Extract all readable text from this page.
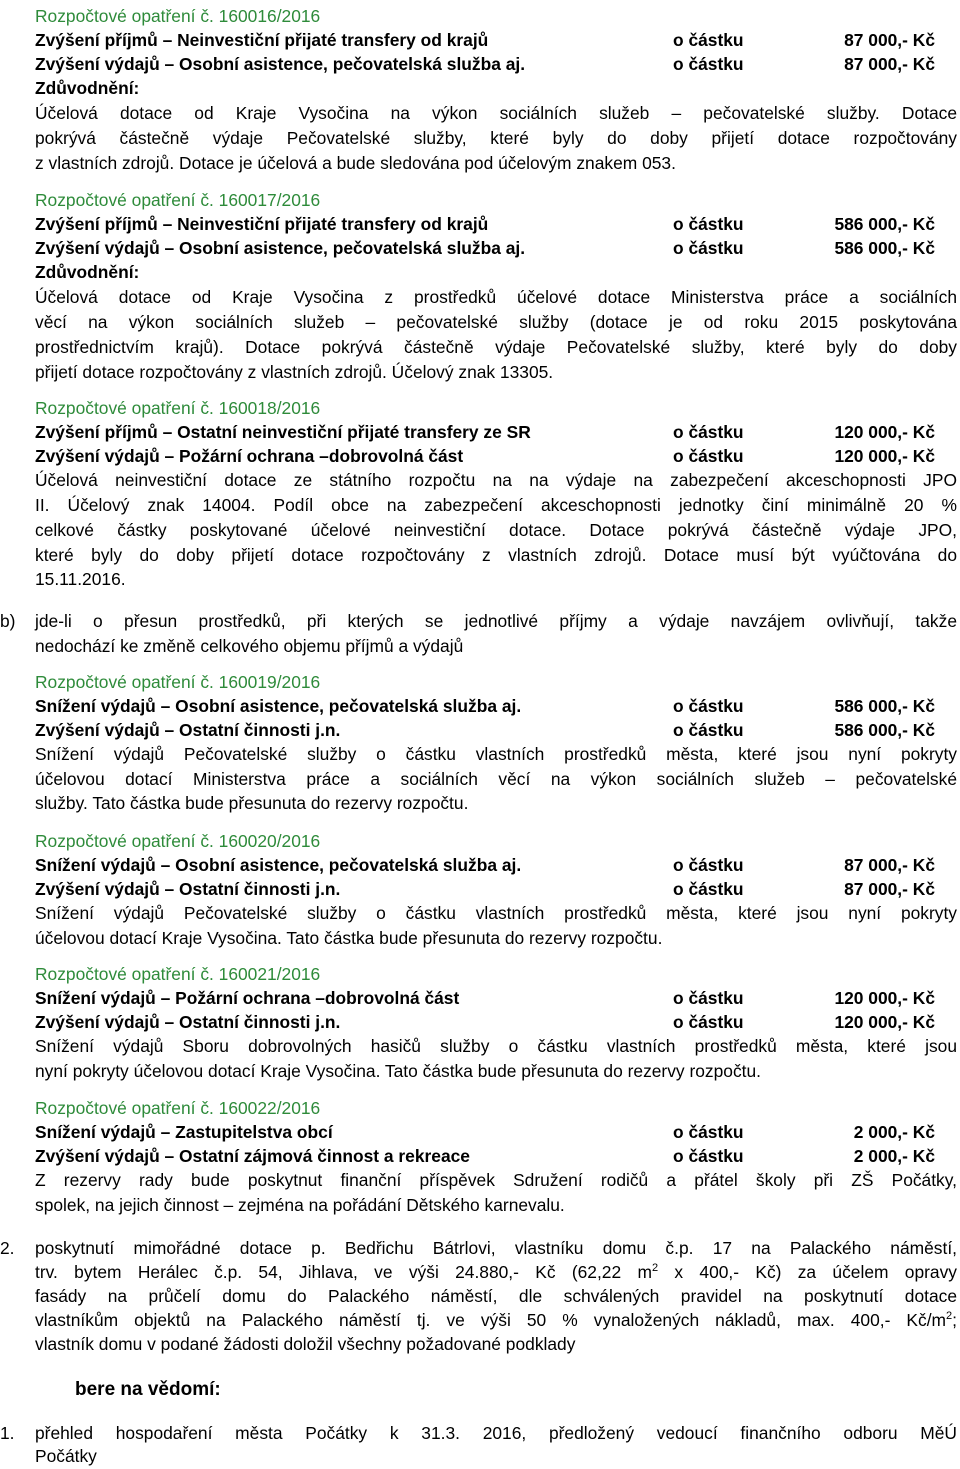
Rozpočtové opatření č. 160016/2016
Zvýšení příjmů – Neinvestiční přijaté transfery od krajů	o částku	87 000,- Kč
Zvýšení výdajů – Osobní asistence, pečovatelská služba aj.	o částku	87 000,- Kč
Zdůvodnění:
Účelová dotace od Kraje Vysočina na výkon sociálních služeb – pečovatelské služby. Dotace
pokrývá částečně výdaje Pečovatelské služby, které byly do doby přijetí dotace rozpočtovány
z vlastních zdrojů. Dotace je účelová a bude sledována pod účelovým znakem 053.
Rozpočtové opatření č. 160017/2016
Zvýšení příjmů – Neinvestiční přijaté transfery od krajů	o částku	586 000,- Kč
Zvýšení výdajů – Osobní asistence, pečovatelská služba aj.	o částku	586 000,- Kč
Zdůvodnění:
Účelová dotace od Kraje Vysočina z prostředků účelové dotace Ministerstva práce a sociálních
věcí na výkon sociálních služeb – pečovatelské služby (dotace je od roku 2015 poskytována
prostřednictvím krajů). Dotace pokrývá částečně výdaje Pečovatelské služby, které byly do doby
přijetí dotace rozpočtovány z vlastních zdrojů. Účelový znak 13305.
Rozpočtové opatření č. 160018/2016
Zvýšení příjmů – Ostatní neinvestiční přijaté transfery ze SR	o částku	120 000,- Kč
Zvýšení výdajů – Požární ochrana –dobrovolná část	o částku	120 000,- Kč
Účelová neinvestiční dotace ze státního rozpočtu na na výdaje na zabezpečení akceschopnosti JPO
II. Účelový znak 14004. Podíl obce na zabezpečení akceschopnosti jednotky činí minimálně 20 %
celkové částky poskytované účelové neinvestiční dotace. Dotace pokrývá částečně výdaje JPO,
které byly do doby přijetí dotace rozpočtovány z vlastních zdrojů. Dotace musí být vyúčtována do
15.11.2016.
b) jde-li o přesun prostředků, při kterých se jednotlivé příjmy a výdaje navzájem ovlivňují, takže
nedochází ke změně celkového objemu příjmů a výdajů
Rozpočtové opatření č. 160019/2016
Snížení výdajů – Osobní asistence, pečovatelská služba aj.	o částku	586 000,- Kč
Zvýšení výdajů – Ostatní činnosti j.n.	o částku	586 000,- Kč
Snížení výdajů Pečovatelské služby o částku vlastních prostředků města, které jsou nyní pokryty
účelovou dotací Ministerstva práce a sociálních věcí na výkon sociálních služeb – pečovatelské
služby. Tato částka bude přesunuta do rezervy rozpočtu.
Rozpočtové opatření č. 160020/2016
Snížení výdajů – Osobní asistence, pečovatelská služba aj.	o částku	87 000,- Kč
Zvýšení výdajů – Ostatní činnosti j.n.	o částku	87 000,- Kč
Snížení výdajů Pečovatelské služby o částku vlastních prostředků města, které jsou nyní pokryty
účelovou dotací Kraje Vysočina. Tato částka bude přesunuta do rezervy rozpočtu.
Rozpočtové opatření č. 160021/2016
Snížení výdajů – Požární ochrana –dobrovolná část	o částku	120 000,- Kč
Zvýšení výdajů – Ostatní činnosti j.n.	o částku	120 000,- Kč
Snížení výdajů Sboru dobrovolných hasičů služby o částku vlastních prostředků města, které jsou
nyní pokryty účelovou dotací Kraje Vysočina. Tato částka bude přesunuta do rezervy rozpočtu.
Rozpočtové opatření č. 160022/2016
Snížení výdajů – Zastupitelstva obcí	o částku	2 000,- Kč
Zvýšení výdajů – Ostatní zájmová činnost a rekreace	o částku	2 000,- Kč
Z rezervy rady bude poskytnut finanční příspěvek Sdružení rodičů a přátel školy při ZŠ Počátky,
spolek, na jejich činnost – zejména na pořádání Dětského karnevalu.
2. poskytnutí mimořádné dotace p. Bedřichu Bátrlovi, vlastníku domu č.p. 17 na Palackého náměstí,
trv. bytem Herálec č.p. 54, Jihlava, ve výši 24.880,- Kč (62,22 $m^2$ x 400,- Kč) za účelem opravy
fasády na průčelí domu do Palackého náměstí, dle schválených pravidel na poskytnutí dotace
vlastníkům objektů na Palackého náměstí tj. ve výši 50 % vynaložených nákladů, max. 400,- $Kč/m^2$;
vlastník domu v podané žádosti doložil všechny požadované podklady
bere na vědomí:
1. přehled hospodaření města Počátky k 31.3. 2016, předložený vedoucí finančního odboru MěÚ
Počátky
